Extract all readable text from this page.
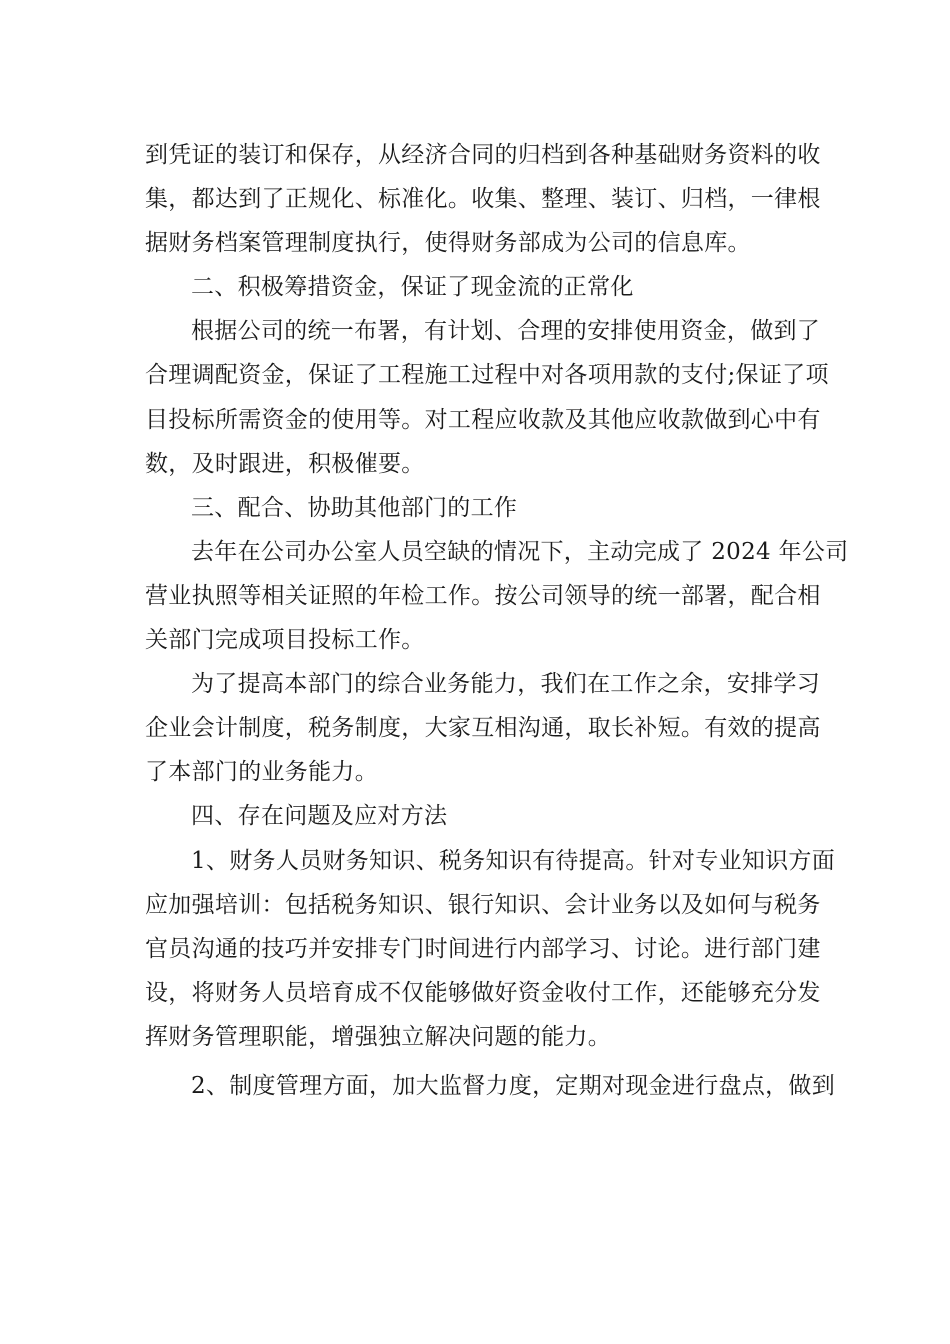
到凭证的装订和保存，从经济合同的归档到各种基础财务资料的收
集，都达到了正规化、标准化。收集、整理、装订、归档，一律根
据财务档案管理制度执行，使得财务部成为公司的信息库。
二、积极筹措资金，保证了现金流的正常化
根据公司的统一布署，有计划、合理的安排使用资金，做到了
合理调配资金，保证了工程施工过程中对各项用款的支付;保证了项
目投标所需资金的使用等。对工程应收款及其他应收款做到心中有
数，及时跟进，积极催要。
三、配合、协助其他部门的工作
去年在公司办公室人员空缺的情况下，主动完成了 2024 年公司
营业执照等相关证照的年检工作。按公司领导的统一部署，配合相
关部门完成项目投标工作。
为了提高本部门的综合业务能力，我们在工作之余，安排学习
企业会计制度，税务制度，大家互相沟通，取长补短。有效的提高
了本部门的业务能力。
四、存在问题及应对方法
1、财务人员财务知识、税务知识有待提高。针对专业知识方面
应加强培训：包括税务知识、银行知识、会计业务以及如何与税务
官员沟通的技巧并安排专门时间进行内部学习、讨论。进行部门建
设，将财务人员培育成不仅能够做好资金收付工作，还能够充分发
挥财务管理职能，增强独立解决问题的能力。
2、制度管理方面，加大监督力度，定期对现金进行盘点，做到
